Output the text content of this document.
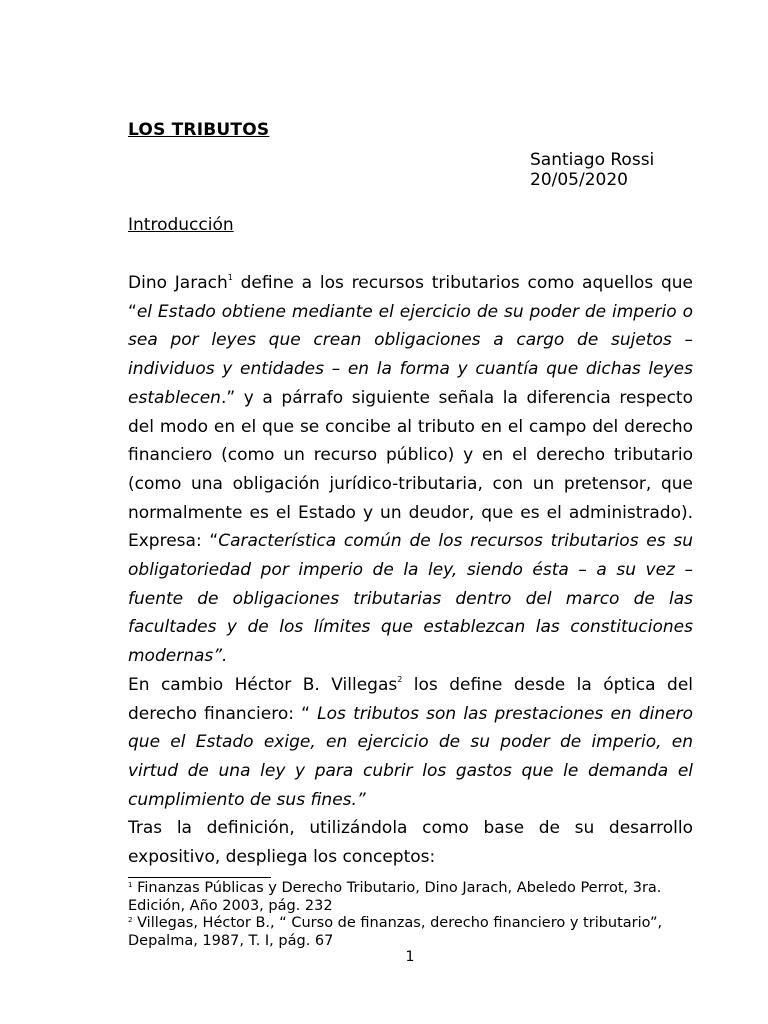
LOS TRIBUTOS
Santiago Rossi
20/05/2020
Introducción

Dino Jarach$^1$ define a los recursos tributarios como aquellos que “el Estado obtiene mediante el ejercicio de su poder de imperio o sea por leyes que crean obligaciones a cargo de sujetos – individuos y entidades – en la forma y cuantía que dichas leyes establecen.” y a párrafo siguiente señala la diferencia respecto del modo en el que se concibe al tributo en el campo del derecho financiero (como un recurso público) y en el derecho tributario (como una obligación jurídico-tributaria, con un pretensor, que normalmente es el Estado y un deudor, que es el administrado). Expresa: “Característica común de los recursos tributarios es su obligatoriedad por imperio de la ley, siendo ésta – a su vez – fuente de obligaciones tributarias dentro del marco de las facultades y de los límites que establezcan las constituciones modernas”.

En cambio Héctor B. Villegas$^2$ los define desde la óptica del derecho financiero: “ Los tributos son las prestaciones en dinero que el Estado exige, en ejercicio de su poder de imperio, en virtud de una ley y para cubrir los gastos que le demanda el cumplimiento de sus fines.”

Tras la definición, utilizándola como base de su desarrollo expositivo, despliega los conceptos:

$^1$ Finanzas Públicas y Derecho Tributario, Dino Jarach, Abeledo Perrot, 3ra. Edición, Año 2003, pág. 232

$^2$ Villegas, Héctor B., “ Curso de finanzas, derecho financiero y tributario”, Depalma, 1987, T. I, pág. 67

1
